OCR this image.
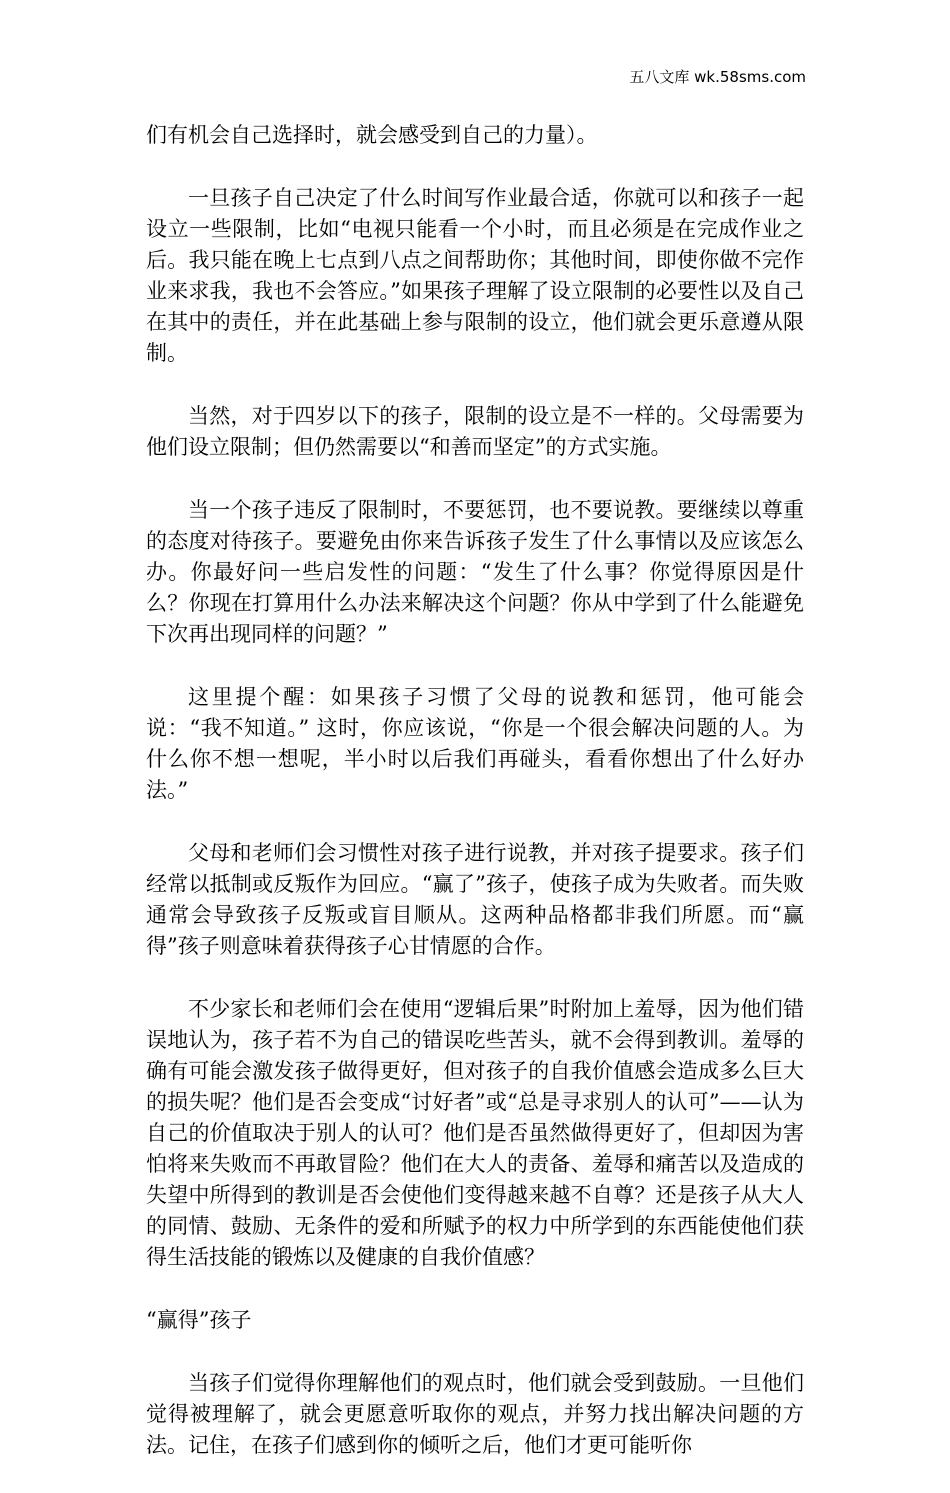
五八文库 wk.58sms.com

们有机会自己选择时，就会感受到自己的力量）。

一旦孩子自己决定了什么时间写作业最合适，你就可以和孩子一起设立一些限制，比如“电视只能看一个小时，而且必须是在完成作业之后。我只能在晚上七点到八点之间帮助你；其他时间，即使你做不完作业来求我，我也不会答应。”如果孩子理解了设立限制的必要性以及自己在其中的责任，并在此基础上参与限制的设立，他们就会更乐意遵从限制。

当然，对于四岁以下的孩子，限制的设立是不一样的。父母需要为他们设立限制；但仍然需要以“和善而坚定”的方式实施。

当一个孩子违反了限制时，不要惩罚，也不要说教。要继续以尊重的态度对待孩子。要避免由你来告诉孩子发生了什么事情以及应该怎么办。你最好问一些启发性的问题：“发生了什么事？你觉得原因是什么？你现在打算用什么办法来解决这个问题？你从中学到了什么能避免下次再出现同样的问题？”

这里提个醒：如果孩子习惯了父母的说教和惩罚，他可能会说：“我不知道。” 这时，你应该说，“你是一个很会解决问题的人。为什么你不想一想呢，半小时以后我们再碰头，看看你想出了什么好办法。”

父母和老师们会习惯性对孩子进行说教，并对孩子提要求。孩子们经常以抵制或反叛作为回应。“赢了”孩子，使孩子成为失败者。而失败通常会导致孩子反叛或盲目顺从。这两种品格都非我们所愿。而“赢得”孩子则意味着获得孩子心甘情愿的合作。

不少家长和老师们会在使用“逻辑后果”时附加上羞辱，因为他们错误地认为，孩子若不为自己的错误吃些苦头，就不会得到教训。羞辱的确有可能会激发孩子做得更好，但对孩子的自我价值感会造成多么巨大的损失呢？他们是否会变成“讨好者”或“总是寻求别人的认可”——认为自己的价值取决于别人的认可？他们是否虽然做得更好了，但却因为害怕将来失败而不再敢冒险？他们在大人的责备、羞辱和痛苦以及造成的失望中所得到的教训是否会使他们变得越来越不自尊？还是孩子从大人的同情、鼓励、无条件的爱和所赋予的权力中所学到的东西能使他们获得生活技能的锻炼以及健康的自我价值感？

“赢得”孩子

当孩子们觉得你理解他们的观点时，他们就会受到鼓励。一旦他们觉得被理解了，就会更愿意听取你的观点，并努力找出解决问题的方法。记住，在孩子们感到你的倾听之后，他们才更可能听你
